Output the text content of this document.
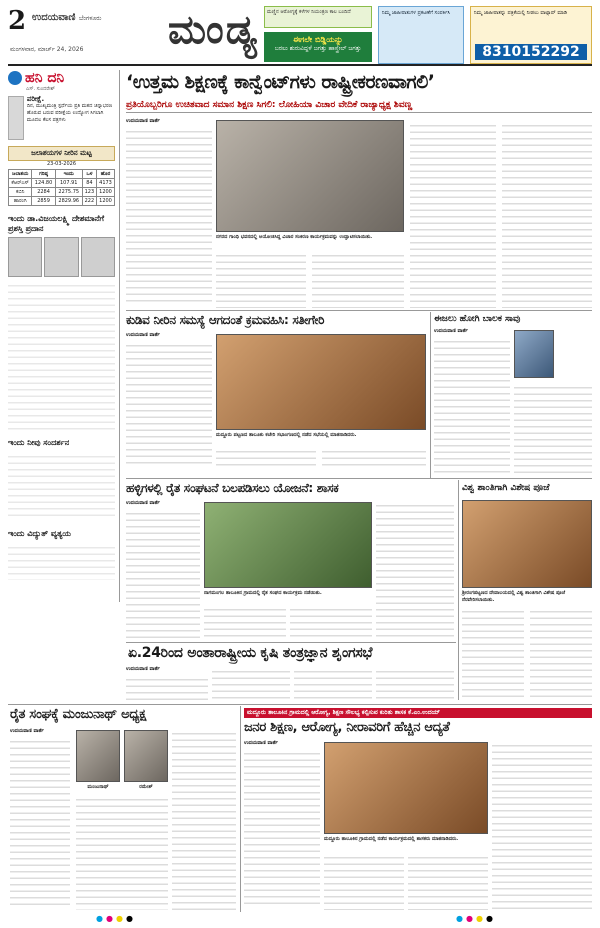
2 ಉದಯವಾಣಿ ಬೆಂಗಳೂರು
ಮಂಗಳವಾರ, ಮಾರ್ಚ್ 24, 2026 ಮಂಡ್ಯ	ಮಣ್ಣಿನ ಆರೋಗ್ಯಕ್ಕೆ ಕಳೆಗಳ ನಿಯಂತ್ರಣ ಕಾಲ ಬಂದಿದೆ
ಈಗಲೇ ಬಿಡ್ಡಿಯನ್ನು
ಬರಲು ಶುರುವಿದ್ದಳೆ ಜಗತ್ತು ಹಾಸ್ತ್ರೇಲ್ ಜಗತ್ತು
ನಿಮ್ಮ ಜಾಹೀರಾತುಗಳ ಪ್ರಕಟಣೆಗೆ ಸಂಪರ್ಕಿಸಿ	ನಿಮ್ಮ ಜಾಹೀರಾತನ್ನು ಪತ್ರಿಕೆಯಲ್ಲಿ ನೀಡಲು ವಾಟ್ಸಾಪ್ ಮಾಡಿ
8310152292
ಹನಿ ದನಿ
ಎಸ್. ಸುಂದರೇಶ್
ಪರೀಕ್ಷೆ.
ದಿನ, ಮುಖ್ಯಮಂತ್ರಿ ಸ್ಪರ್ಧೆಯ ಪ್ರತಿ ಮತದ ಚಿನ್ನಾಭರಣ ಹೊರುವ ಬರುವ ಪರೀಕ್ಷೆಯ ಉದ್ಯೋಗ ಸಿಗಲಾಗಿ ಮೂದಲ ಕೆಲಸ ಪತ್ರಗಳು
ಜಲಾಶಯಗಳ ನೀರಿನ ಮಟ್ಟ
23-03-2026
ಜಲಾಶಯ	ಗರಿಷ್ಠ	ಇಂದು	ಒಳ	ಹೊರ
ಕೆಆರ್‌ಎಸ್	124.80	107.91	84	4173
ಕಬಿನಿ	2284	2275.75	123	1200
ಹಾರಂಗಿ	2859	2829.96	222	1200
ಇಂದು ಡಾ.ವಿಜಯಲಕ್ಷ್ಮಿ ದೇಶಮಾನೆಗೆ ಪ್ರಶಸ್ತಿ ಪ್ರದಾನ
ಇಂದು ನೀವು ಸಂದರ್ಶನ
ಇಂದು ವಿದ್ಯುತ್ ವ್ಯತ್ಯಯ
‘ಉತ್ತಮ ಶಿಕ್ಷಣಕ್ಕೆ ಕಾನ್ವೆಂಟ್‌ಗಳು ರಾಷ್ಟ್ರೀಕರಣವಾಗಲಿ’
ಪ್ರತಿಯೊಬ್ಬರಿಗೂ ಉಚಿತವಾದ ಸಮಾನ ಶಿಕ್ಷಣ ಸಿಗಲಿ: ಲೋಹಿಯಾ ವಿಚಾರ ವೇದಿಕೆ ರಾಜ್ಯಾಧ್ಯಕ್ಷ ಶಿವಣ್ಣ
ಉದಯವಾಣಿ ವಾರ್ತೆ
ನಗರದ ಗಾಂಧಿ ಭವನದಲ್ಲಿ ಆಯೋಜಿಸಿದ್ದ ವಿಚಾರ ಸಂಕಿರಣ ಕಾರ್ಯಕ್ರಮವನ್ನು ಉದ್ಘಾಟಿಸಲಾಯಿತು.
ಕುಡಿವ ನೀರಿನ ಸಮಸ್ಯೆ ಆಗದಂತೆ ಕ್ರಮವಹಿಸಿ: ಸತೀಗೇರಿ
ಉದಯವಾಣಿ ವಾರ್ತೆ
ಮದ್ದೂರು ಪಟ್ಟಣದ ತಾಲೂಕು ಕಚೇರಿ ಸಭಾಂಗಣದಲ್ಲಿ ನಡೆದ ಸಭೆಯಲ್ಲಿ ಮಾತನಾಡಿದರು.
ಈಜಲು ಹೋಗಿ ಬಾಲಕ ಸಾವು
ಉದಯವಾಣಿ ವಾರ್ತೆ
ಹಳ್ಳಿಗಳಲ್ಲಿ ರೈತ ಸಂಘಟನೆ ಬಲಪಡಿಸಲು ಯೋಜನೆ: ಶಾಸಕ
ಉದಯವಾಣಿ ವಾರ್ತೆ
ನಾಗಮಂಗಲ ತಾಲೂಕಿನ ಗ್ರಾಮದಲ್ಲಿ ರೈತ ಸಂಘದ ಕಾರ್ಯಕ್ರಮ ನಡೆಯಿತು.
ವಿಶ್ವ ಶಾಂತಿಗಾಗಿ ವಿಶೇಷ ಪೂಜೆ
ಶ್ರೀರಂಗಪಟ್ಟಣದ ದೇವಾಲಯದಲ್ಲಿ ವಿಶ್ವ ಶಾಂತಿಗಾಗಿ ವಿಶೇಷ ಪೂಜೆ ನೆರವೇರಿಸಲಾಯಿತು.
ಏ.24ರಿಂದ ಅಂತಾರಾಷ್ಟ್ರೀಯ ಕೃಷಿ ತಂತ್ರಜ್ಞಾನ ಶೃಂಗಸಭೆ
ಉದಯವಾಣಿ ವಾರ್ತೆ
ರೈತ ಸಂಘಕ್ಕೆ ಮಂಜುನಾಥ್ ಅಧ್ಯಕ್ಷ
ಉದಯವಾಣಿ ವಾರ್ತೆ
ಮಂಜುನಾಥ್	ರಮೇಶ್
ಮದ್ದೂರು ತಾಲೂಕಿನ ಗ್ರಾಮದಲ್ಲಿ ಆರೋಗ್ಯ, ಶಿಕ್ಷಣ ಸೌಲಭ್ಯ ಕಲ್ಪಿಸುವ ಕುರಿತು ಶಾಸಕ ಕೆ.ಎಂ.ಉದಯ್
ಜನರ ಶಿಕ್ಷಣ, ಆರೋಗ್ಯ, ನೀರಾವರಿಗೆ ಹೆಚ್ಚಿನ ಆದ್ಯತೆ
ಉದಯವಾಣಿ ವಾರ್ತೆ
ಮದ್ದೂರು ತಾಲೂಕಿನ ಗ್ರಾಮದಲ್ಲಿ ನಡೆದ ಕಾರ್ಯಕ್ರಮದಲ್ಲಿ ಶಾಸಕರು ಮಾತನಾಡಿದರು.
●●●●	●●●●
